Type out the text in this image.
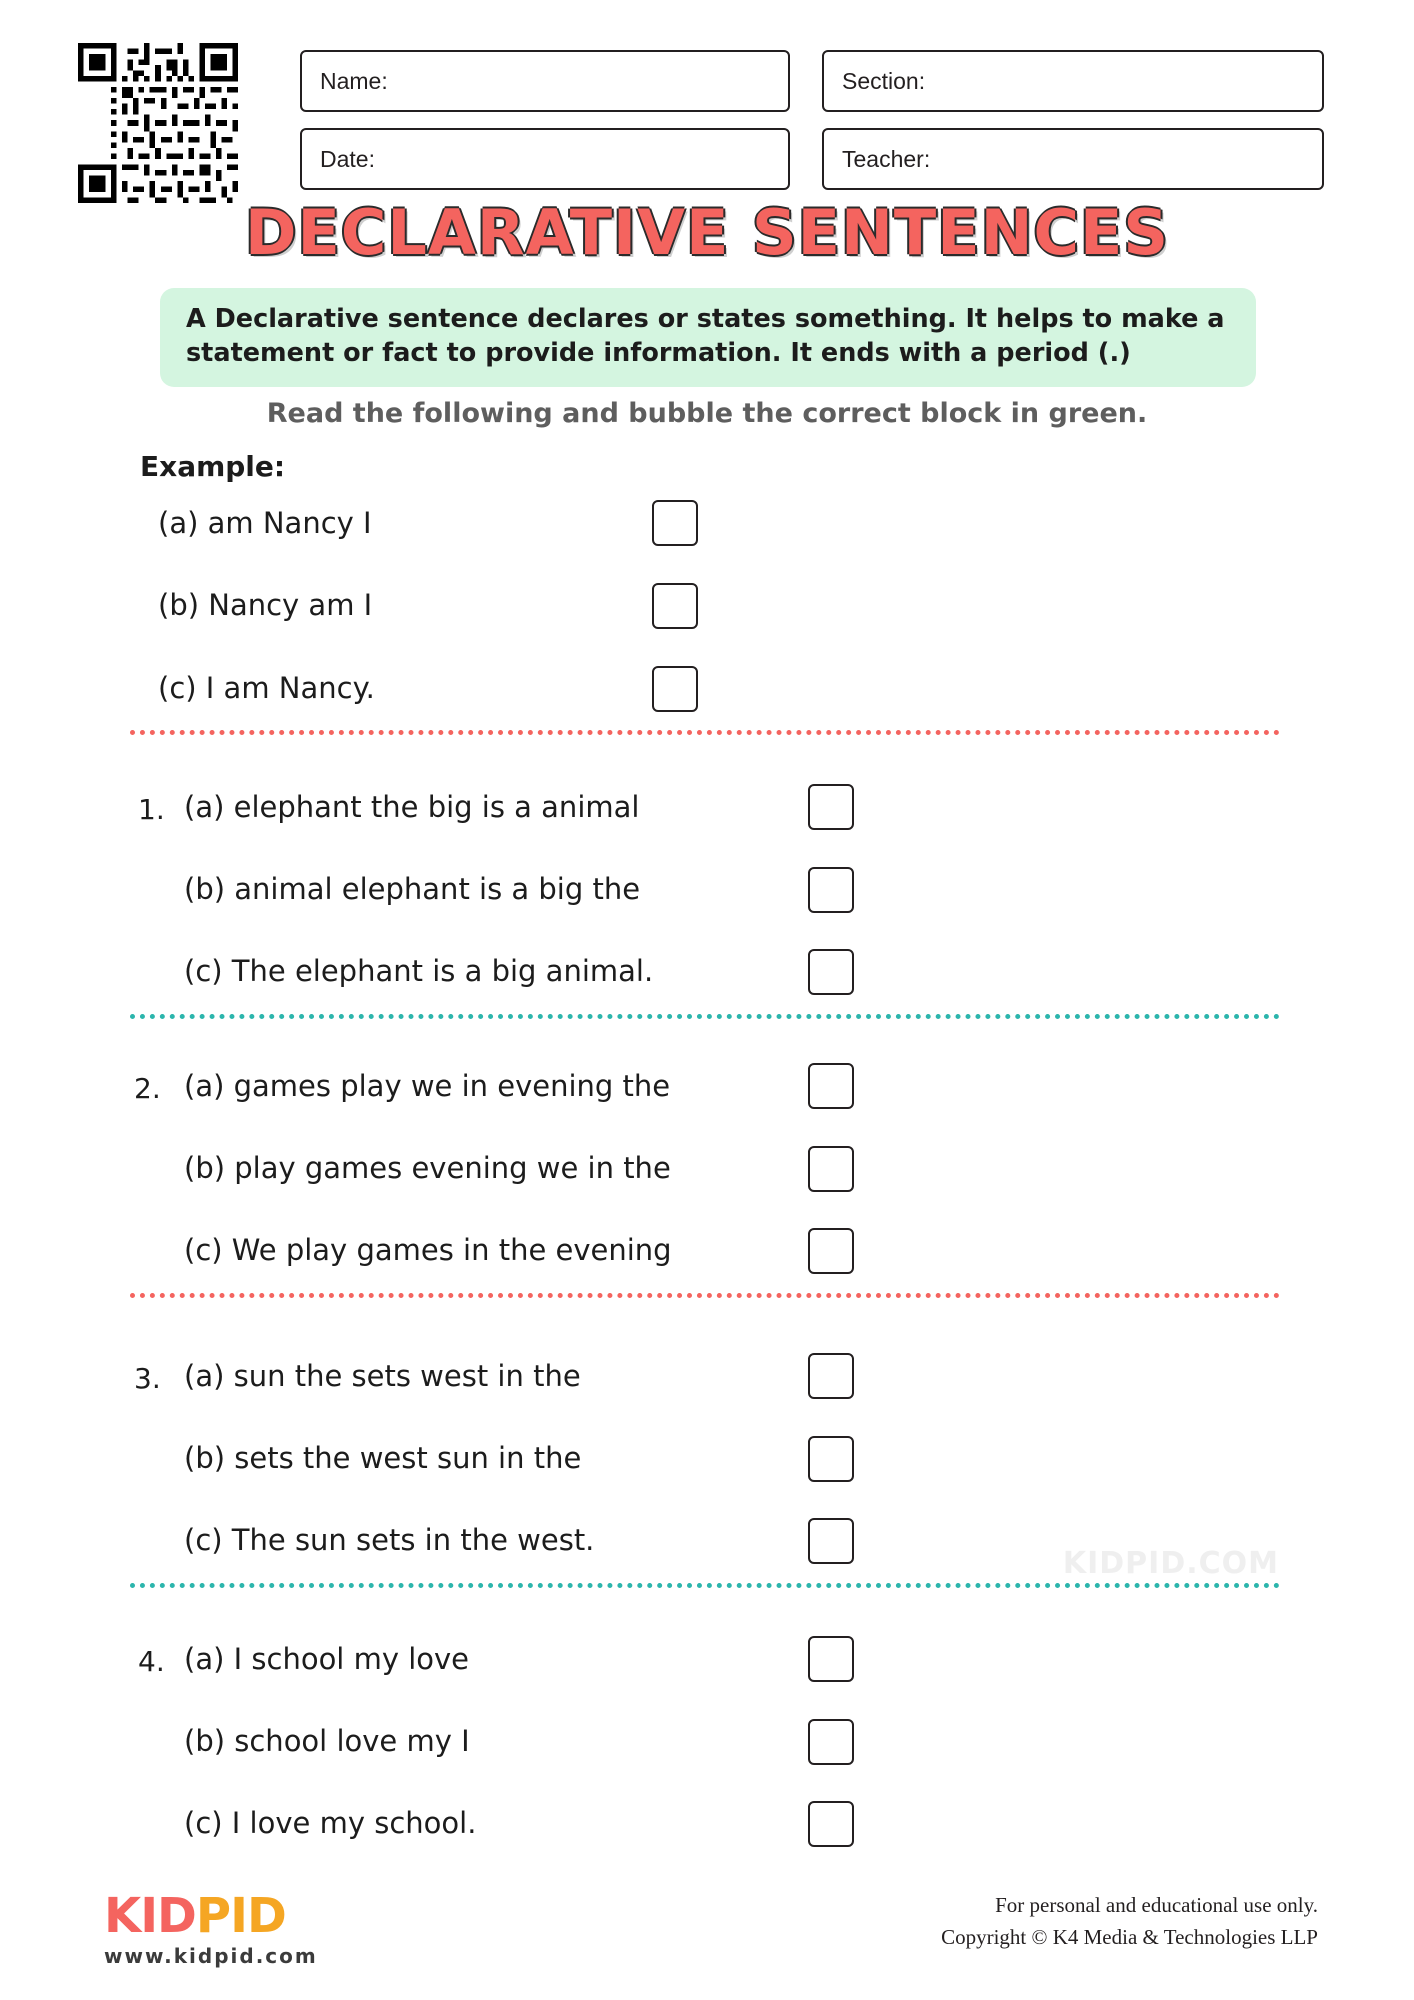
Name:	Section:
Date:	Teacher:
DECLARATIVE SENTENCES
A Declarative sentence declares or states something. It helps to make a statement or fact to provide information. It ends with a period (.)
Read the following and bubble the correct block in green.
Example:
(a) am Nancy I
(b) Nancy am I
(c) I am Nancy.
1. (a) elephant the big is a animal
(b) animal elephant is a big the
(c) The elephant is a big animal.
2. (a) games play we in evening the
(b) play games evening we in the
(c) We play games in the evening
3. (a) sun the sets west in the
(b) sets the west sun in the
(c) The sun sets in the west.
KIDPID.COM
4. (a) I school my love
(b) school love my I
(c) I love my school.
KIDPID
www.kidpid.com
For personal and educational use only.
Copyright © K4 Media & Technologies LLP
